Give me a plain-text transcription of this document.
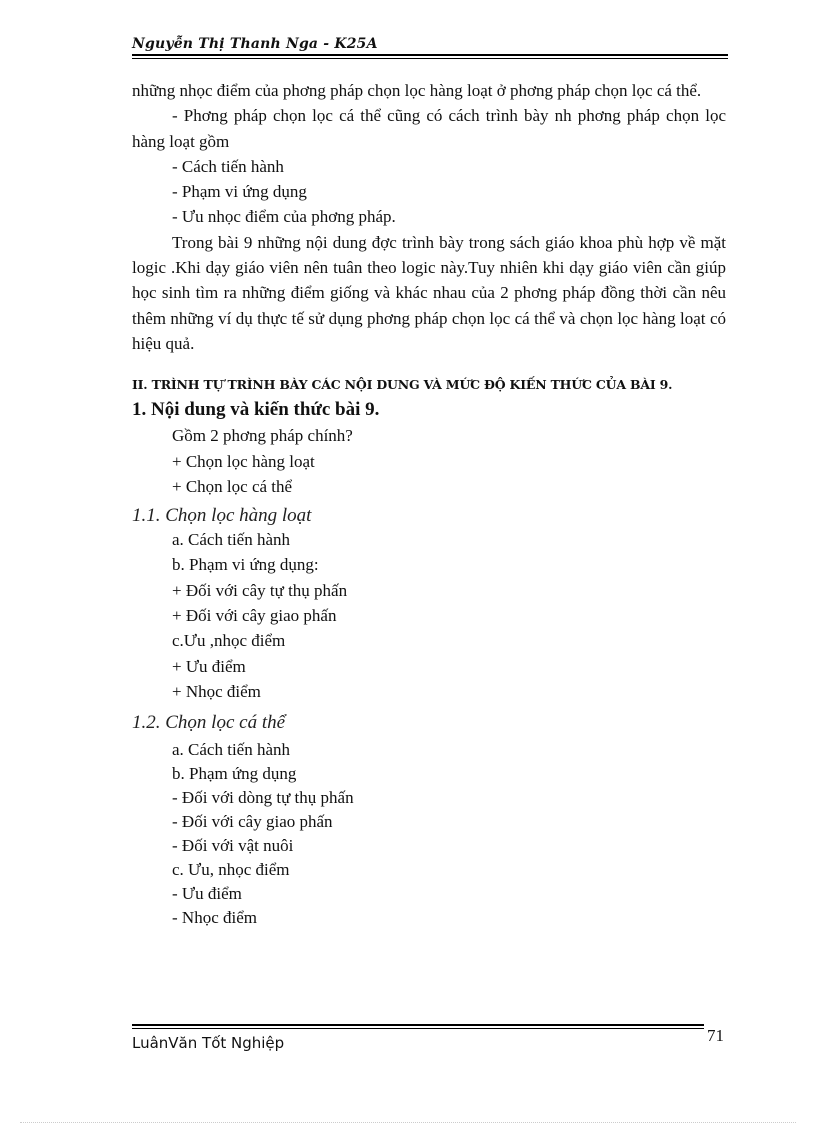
Nguyễn Thị Thanh Nga - K25A

những nhọc điểm của phơng pháp chọn lọc hàng loạt ở phơng pháp chọn lọc cá thể.

- Phơng pháp chọn lọc cá thể cũng có cách trình bày nh phơng pháp chọn lọc hàng loạt gồm

- Cách tiến hành

- Phạm vi ứng dụng

- Ưu nhọc điểm của phơng pháp.

Trong bài 9 những nội dung đợc trình bày trong sách giáo khoa phù hợp về mặt logic .Khi dạy giáo viên nên tuân theo logic này.Tuy nhiên khi dạy giáo viên cần giúp học sinh tìm ra những điểm giống và khác nhau của 2 phơng pháp đồng thời cần nêu thêm những ví dụ thực tế sử dụng phơng pháp chọn lọc cá thể và chọn lọc hàng loạt có hiệu quả.

II. TRÌNH TỰ TRÌNH BÀY CÁC NỘI DUNG VÀ MỨC ĐỘ KIẾN THỨC CỦA BÀI 9.
1. Nội dung và kiến thức bài 9.

Gồm 2 phơng pháp chính?

+ Chọn lọc hàng loạt

+ Chọn lọc cá thể

1.1. Chọn lọc hàng loạt

a. Cách tiến hành

b. Phạm vi ứng dụng:

+ Đối với cây tự thụ phấn

+ Đối với cây giao phấn

c.Ưu ,nhọc điểm

+ Ưu điểm

+ Nhọc điểm

1.2. Chọn lọc cá thể

a. Cách tiến hành

b. Phạm ứng dụng

- Đối với dòng tự thụ phấn

- Đối với cây giao phấn

- Đối với vật nuôi

c. Ưu, nhọc điểm

- Ưu điểm

- Nhọc điểm

LuânVăn Tốt Nghiệp	71
